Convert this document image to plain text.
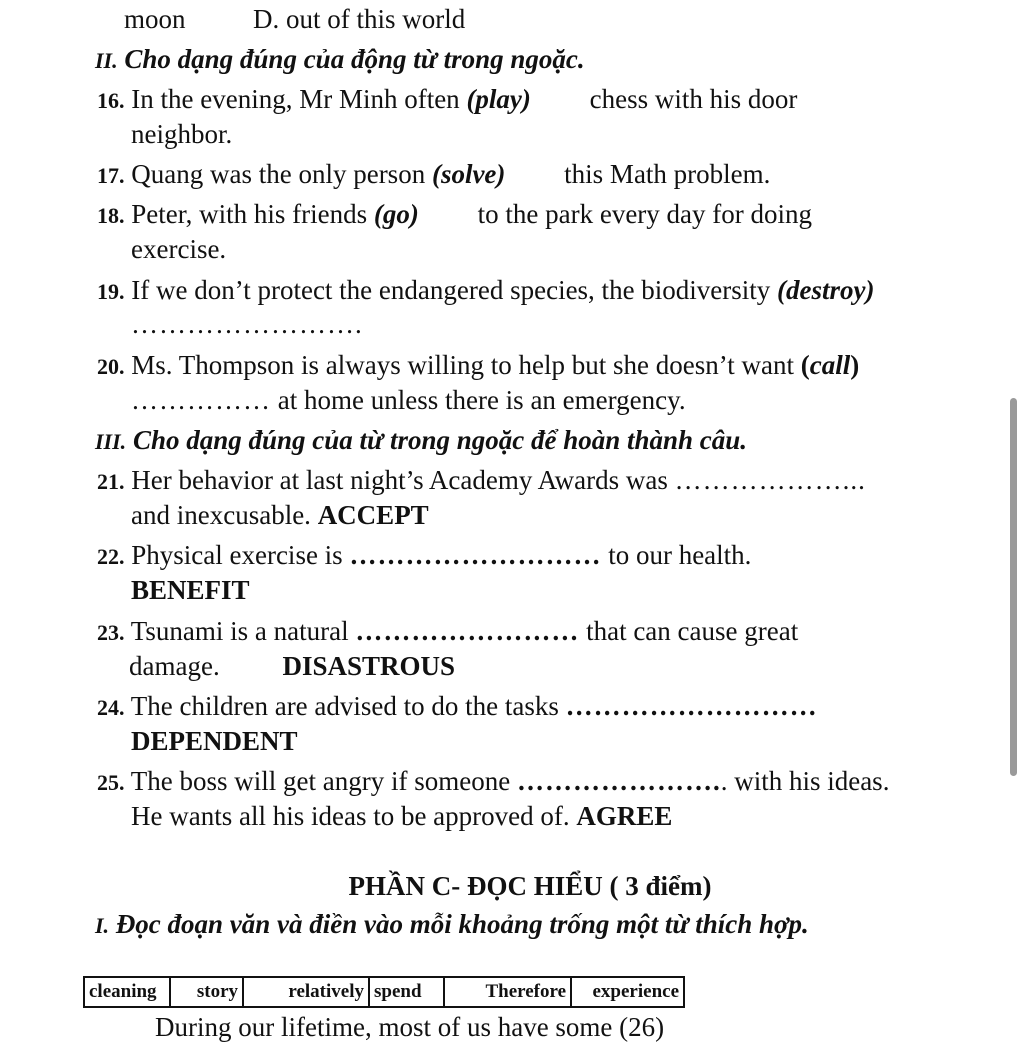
moon D. out of this world
II. Cho dạng đúng của động từ trong ngoặc.
16. In the evening, Mr Minh often (play) chess with his door
neighbor.
17. Quang was the only person (solve) this Math problem.
18. Peter, with his friends (go) to the park every day for doing
exercise.
19. If we don’t protect the endangered species, the biodiversity (destroy)
…………………….
20. Ms. Thompson is always willing to help but she doesn’t want (call)
…………… at home unless there is an emergency.
III. Cho dạng đúng của từ trong ngoặc để hoàn thành câu.
21. Her behavior at last night’s Academy Awards was ………………...
and inexcusable. ACCEPT
22. Physical exercise is ……………………… to our health.
BENEFIT
23. Tsunami is a natural …………………… that can cause great
damage. DISASTROUS
24. The children are advised to do the tasks ………………………
DEPENDENT
25. The boss will get angry if someone ………………….. with his ideas.
He wants all his ideas to be approved of. AGREE
PHẦN C- ĐỌC HIỂU ( 3 điểm)
I. Đọc đoạn văn và điền vào mỗi khoảng trống một từ thích hợp.
cleaning	story	relatively	spend	Therefore	experience
During our lifetime, most of us have some (26)
